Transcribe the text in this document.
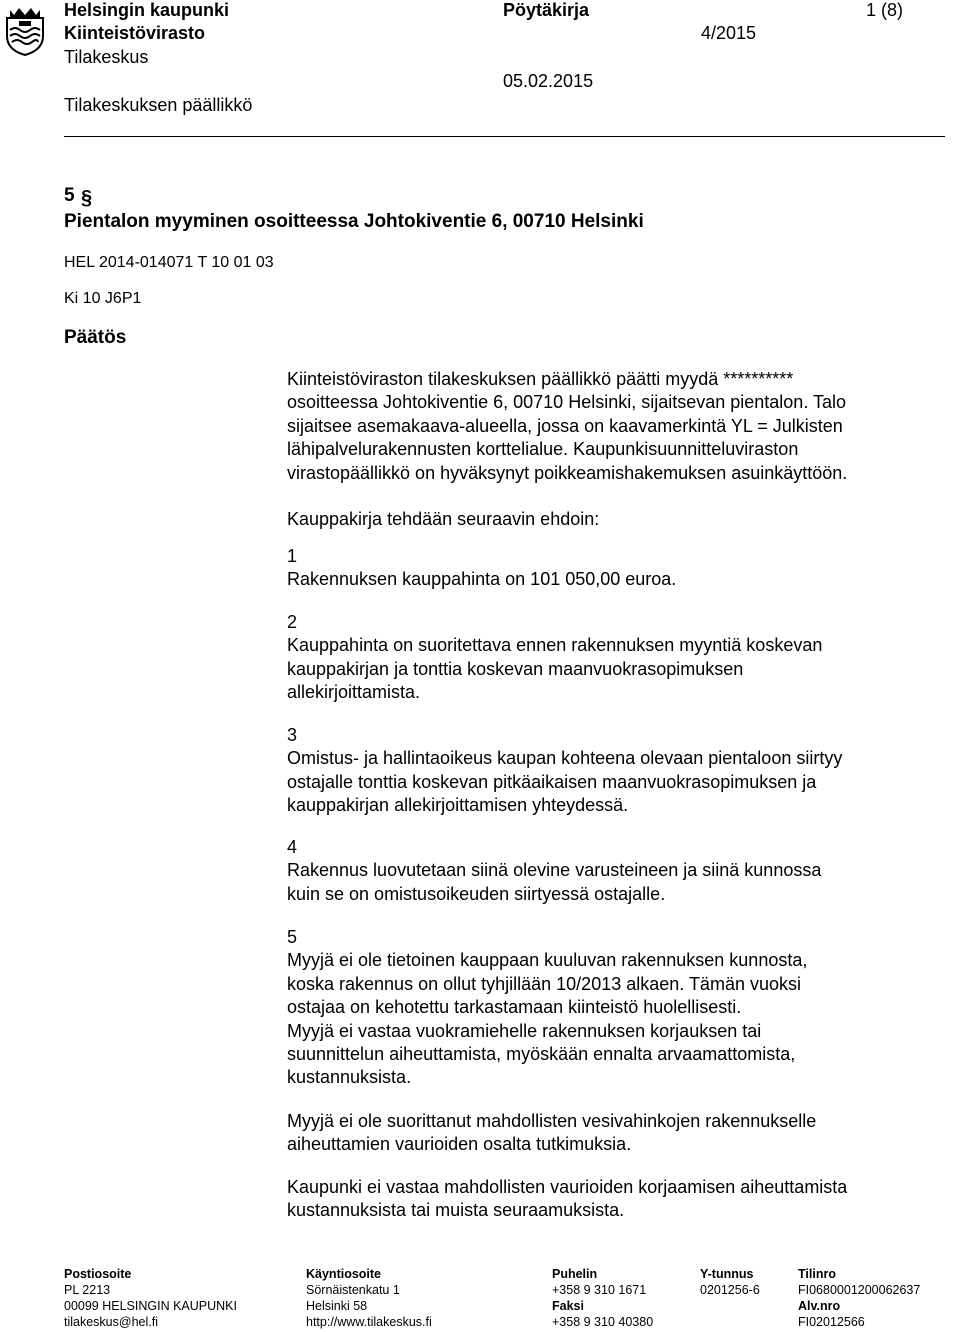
Helsingin kaupunki
Kiinteistövirasto
Tilakeskus
Tilakeskuksen päällikkö
Pöytäkirja
4/2015
05.02.2015
1 (8)
5 §
Pientalon myyminen osoitteessa Johtokiventie 6, 00710 Helsinki
HEL 2014-014071 T 10 01 03
Ki 10 J6P1
Päätös
Kiinteistöviraston tilakeskuksen päällikkö päätti myydä **********
osoitteessa Johtokiventie 6, 00710 Helsinki, sijaitsevan pientalon. Talo
sijaitsee asemakaava-alueella, jossa on kaavamerkintä YL = Julkisten
lähipalvelurakennusten korttelialue. Kaupunkisuunnitteluviraston
virastopäällikkö on hyväksynyt poikkeamishakemuksen asuinkäyttöön.
Kauppakirja tehdään seuraavin ehdoin:
1
Rakennuksen kauppahinta on 101 050,00 euroa.
2
Kauppahinta on suoritettava ennen rakennuksen myyntiä koskevan
kauppakirjan ja tonttia koskevan maanvuokrasopimuksen
allekirjoittamista.
3
Omistus- ja hallintaoikeus kaupan kohteena olevaan pientaloon siirtyy
ostajalle tonttia koskevan pitkäaikaisen maanvuokrasopimuksen ja
kauppakirjan allekirjoittamisen yhteydessä.
4
Rakennus luovutetaan siinä olevine varusteineen ja siinä kunnossa
kuin se on omistusoikeuden siirtyessä ostajalle.
5
Myyjä ei ole tietoinen kauppaan kuuluvan rakennuksen kunnosta,
koska rakennus on ollut tyhjillään 10/2013 alkaen. Tämän vuoksi
ostajaa on kehotettu tarkastamaan kiinteistö huolellisesti.
Myyjä ei vastaa vuokramiehelle rakennuksen korjauksen tai
suunnittelun aiheuttamista, myöskään ennalta arvaamattomista,
kustannuksista.
Myyjä ei ole suorittanut mahdollisten vesivahinkojen rakennukselle
aiheuttamien vaurioiden osalta tutkimuksia.
Kaupunki ei vastaa mahdollisten vaurioiden korjaamisen aiheuttamista
kustannuksista tai muista seuraamuksista.
Postiosoite
PL 2213
00099 HELSINGIN KAUPUNKI
tilakeskus@hel.fi
Käyntiosoite
Sörnäistenkatu 1
Helsinki 58
http://www.tilakeskus.fi
Puhelin
+358 9 310 1671
Faksi
+358 9 310 40380
Y-tunnus
0201256-6
Tilinro
FI0680001200062637
Alv.nro
FI02012566
